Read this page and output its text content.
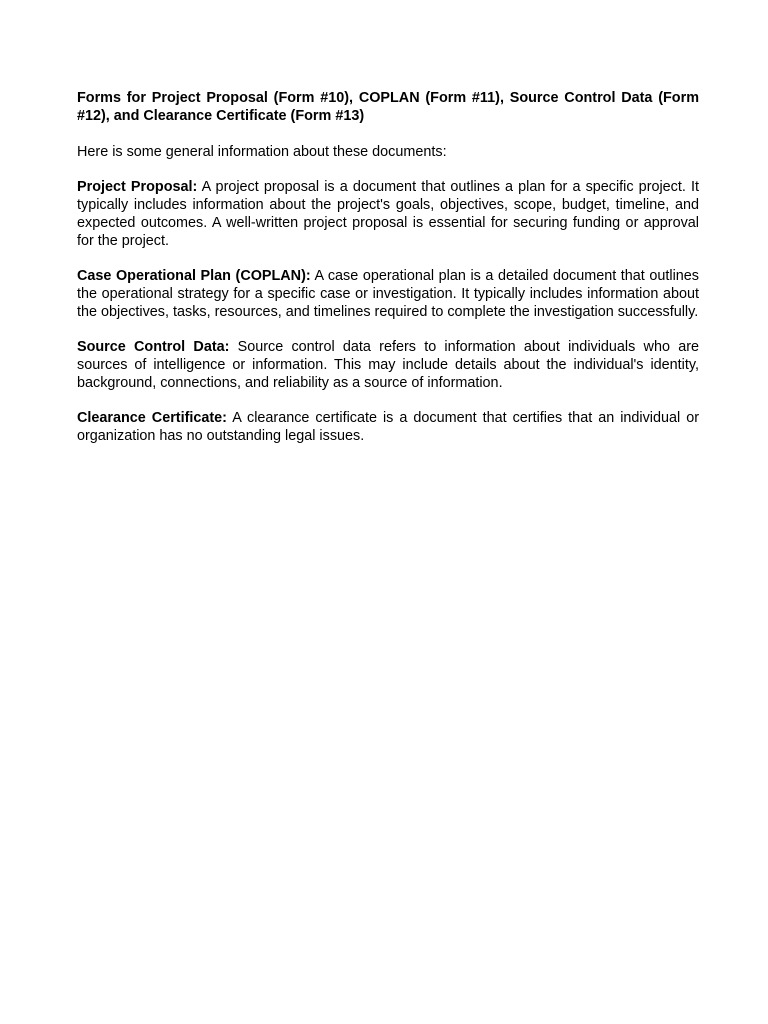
Forms for Project Proposal (Form #10), COPLAN (Form #11), Source Control Data (Form #12), and Clearance Certificate (Form #13)

Here is some general information about these documents:

Project Proposal: A project proposal is a document that outlines a plan for a specific project. It typically includes information about the project's goals, objectives, scope, budget, timeline, and expected outcomes. A well-written project proposal is essential for securing funding or approval for the project.

Case Operational Plan (COPLAN): A case operational plan is a detailed document that outlines the operational strategy for a specific case or investigation. It typically includes information about the objectives, tasks, resources, and timelines required to complete the investigation successfully.

Source Control Data: Source control data refers to information about individuals who are sources of intelligence or information. This may include details about the individual's identity, background, connections, and reliability as a source of information.

Clearance Certificate: A clearance certificate is a document that certifies that an individual or organization has no outstanding legal issues.
